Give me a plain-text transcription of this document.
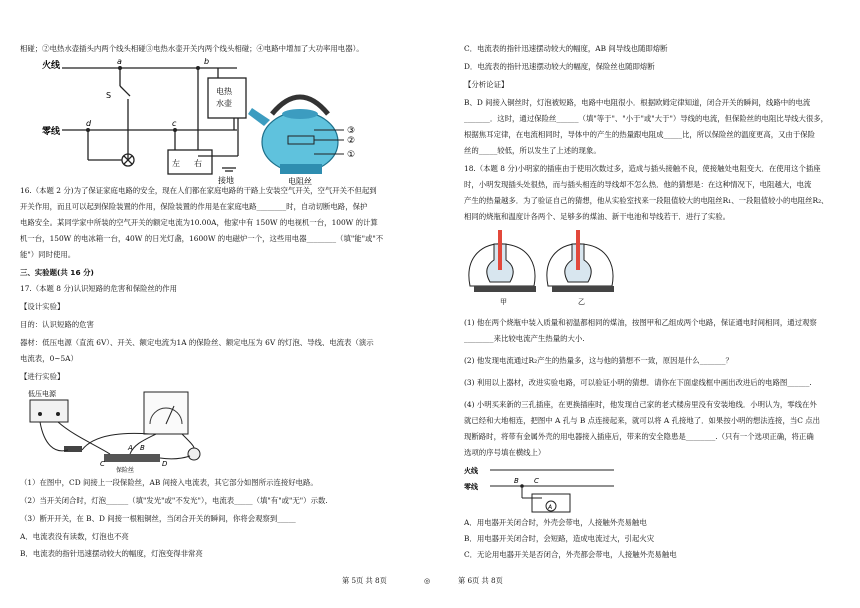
相碰；②电热水壶插头内两个线头相碰③电热水壶开关内两个线头相碰；④电路中增加了大功率用电器）。
火线
零线
a	b
c
d
S	电热
水壶
左 右
接地	电阻丝
③
②
①
16.（本题 2 分)为了保证家庭电路的安全，现在人们都在家庭电路的干路上安装空气开关，空气开关不但起到
开关作用，而且可以起到保险装置的作用，保险装置的作用是在家庭电路________时，自动切断电路，保护
电路安全。某同学家中所装的空气开关的额定电流为10.00A，他家中有 150W 的电视机一台，100W 的计算
机一台，150W 的电冰箱一台，40W 的日光灯盏，1600W 的电磁炉一个，这些用电器________（填"能"或"不
能"）同时使用。
三、实验题(共 16 分)
17.（本题 8 分)认识短路的危害和保险丝的作用
【设计实验】
目的：认识短路的危害
器材：低压电源（直流 6V）、开关、额定电流为1A 的保险丝、额定电压为 6V 的灯泡、导线、电流表（演示
电流表，0~5A）
【进行实验】
低压电源
保险丝
A B
C	D
（1）在图中，CD 间接上一段保险丝，AB 间接入电流表，其它部分如图所示连接好电路。
（2）当开关闭合时，灯泡______（填"发光"或"不发光"），电流表_____（填"有"或"无"）示数.
（3）断开开关，在 B、D 间接一根粗铜丝，当闭合开关的瞬间，你将会观察到_____
A．电流表没有读数，灯泡也不亮
B．电流表的指针迅速摆动较大的幅度，灯泡变得非常亮
C．电流表的指针迅速摆动较大的幅度，AB 间导线也随即熔断
D．电流表的指针迅速摆动较大的幅度，保险丝也随即熔断
【分析论证】
B、D 间接入铜丝时，灯泡被短路，电路中电阻很小．根据欧姆定律知道，闭合开关的瞬间，线路中的电流
_______．这时，通过保险丝______（填"等于"、"小于"或"大于"）导线的电流，但保险丝的电阻比导线大很多，
根据焦耳定律，在电流相同时，导体中的产生的热量跟电阻成_____比，所以保险丝的温度更高，又由于保险
丝的_____较低，所以发生了上述的现象。
18.（本题 8 分)小明家的插座由于使用次数过多，造成与插头接触不良，使接触处电阻变大．在使用这个插座
时，小明发现插头处很热，而与插头相连的导线却不怎么热．他的猜想是：在这种情况下，电阻越大，电流
产生的热量越多．为了验证自己的猜想，他从实验室找来一段阻值较大的电阻丝R₁、一段阻值较小的电阻丝R₂、
相同的烧瓶和温度计各两个、足够多的煤油、新干电池和导线若干．进行了实验。
甲	乙
(1) 他在两个烧瓶中装入质量和初温都相同的煤油，按图甲和乙组成两个电路，保证通电时间相同，通过观察
________来比较电流产生热量的大小.
(2) 他发现电流通过R₂产生的热量多，这与他的猜想不一致，原因是什么_______？
(3) 利用以上器材，改进实验电路，可以验证小明的猜想．请你在下面虚线框中画出改进后的电路图______.
(4) 小明买来新的三孔插座，在更换插座时，他发现自己家的老式楼房里没有安装地线．小明认为，零线在外
就已经和大地相连，把图中 A 孔与 B 点连接起来，就可以将 A 孔接地了．如果按小明的想法连接，当C 点出
现断路时，将带有金属外壳的用电器接入插座后，带来的安全隐患是________.（只有一个选项正确，将正确
选项的序号填在横线上）
火线
零线
B C
A
A．用电器开关闭合时，外壳会带电，人接触外壳易触电
B．用电器开关闭合时，会短路，造成电流过大，引起火灾
C．无论用电器开关是否闭合，外壳都会带电，人接触外壳易触电
第 5页 共 8页	◎	第 6页 共 8页
